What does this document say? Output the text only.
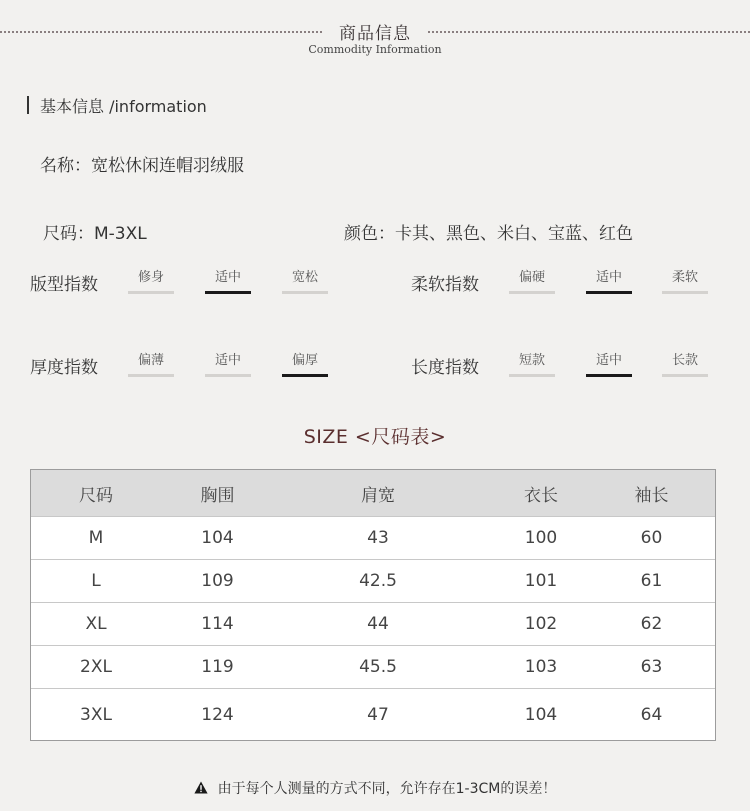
商品信息
Commodity Information
基本信息 /information
名称：宽松休闲连帽羽绒服
尺码：M-3XL	颜色：卡其、黑色、米白、宝蓝、红色
版型指数	修身	适中	宽松	柔软指数	偏硬	适中	柔软
厚度指数	偏薄	适中	偏厚	长度指数	短款	适中	长款
SIZE <尺码表>
尺码	胸围	肩宽	衣长	袖长
M	104	43	100	60
L	109	42.5	101	61
XL	114	44	102	62
2XL	119	45.5	103	63
3XL	124	47	104	64
由于每个人测量的方式不同，允许存在1-3CM的误差！
